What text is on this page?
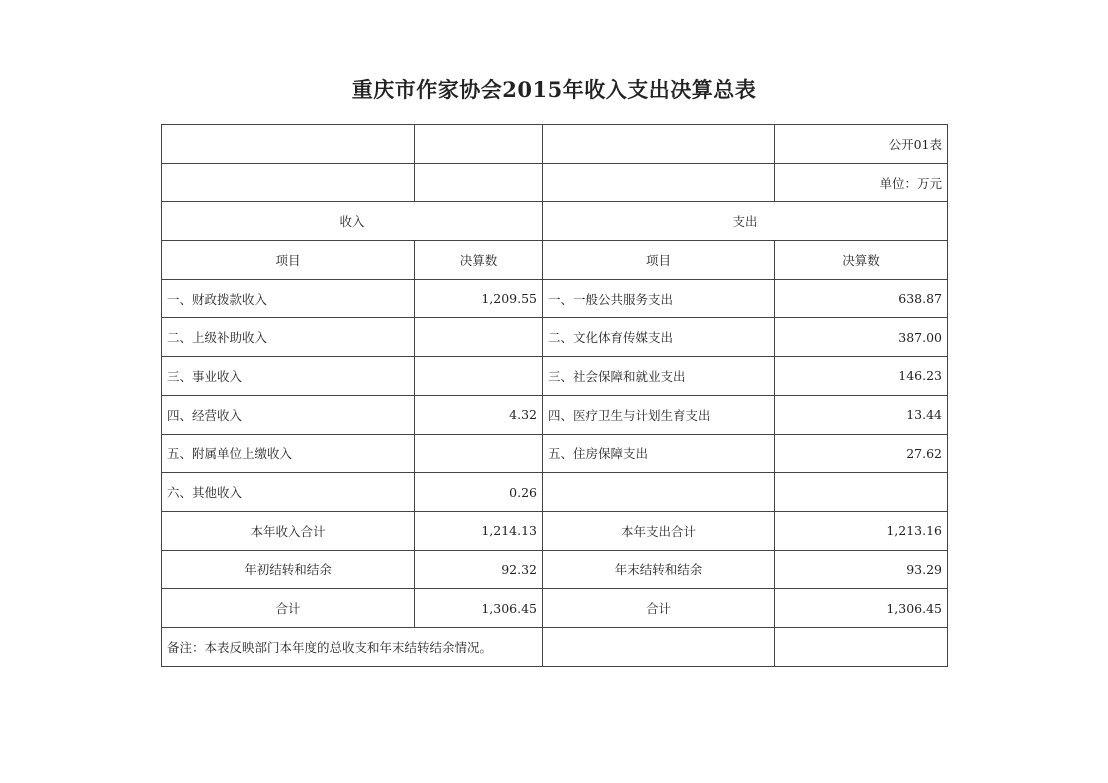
重庆市作家协会2015年收入支出决算总表
			公开01表
			单位：万元
收入		支出	
项目	决算数	项目	决算数
一、财政拨款收入	1,209.55	一、一般公共服务支出	638.87
二、上级补助收入		二、文化体育传媒支出	387.00
三、事业收入		三、社会保障和就业支出	146.23
四、经营收入	4.32	四、医疗卫生与计划生育支出	13.44
五、附属单位上缴收入		五、住房保障支出	27.62
六、其他收入	0.26		
本年收入合计	1,214.13	本年支出合计	1,213.16
年初结转和结余	92.32	年末结转和结余	93.29
合计	1,306.45	合计	1,306.45
备注：本表反映部门本年度的总收支和年末结转结余情况。			
